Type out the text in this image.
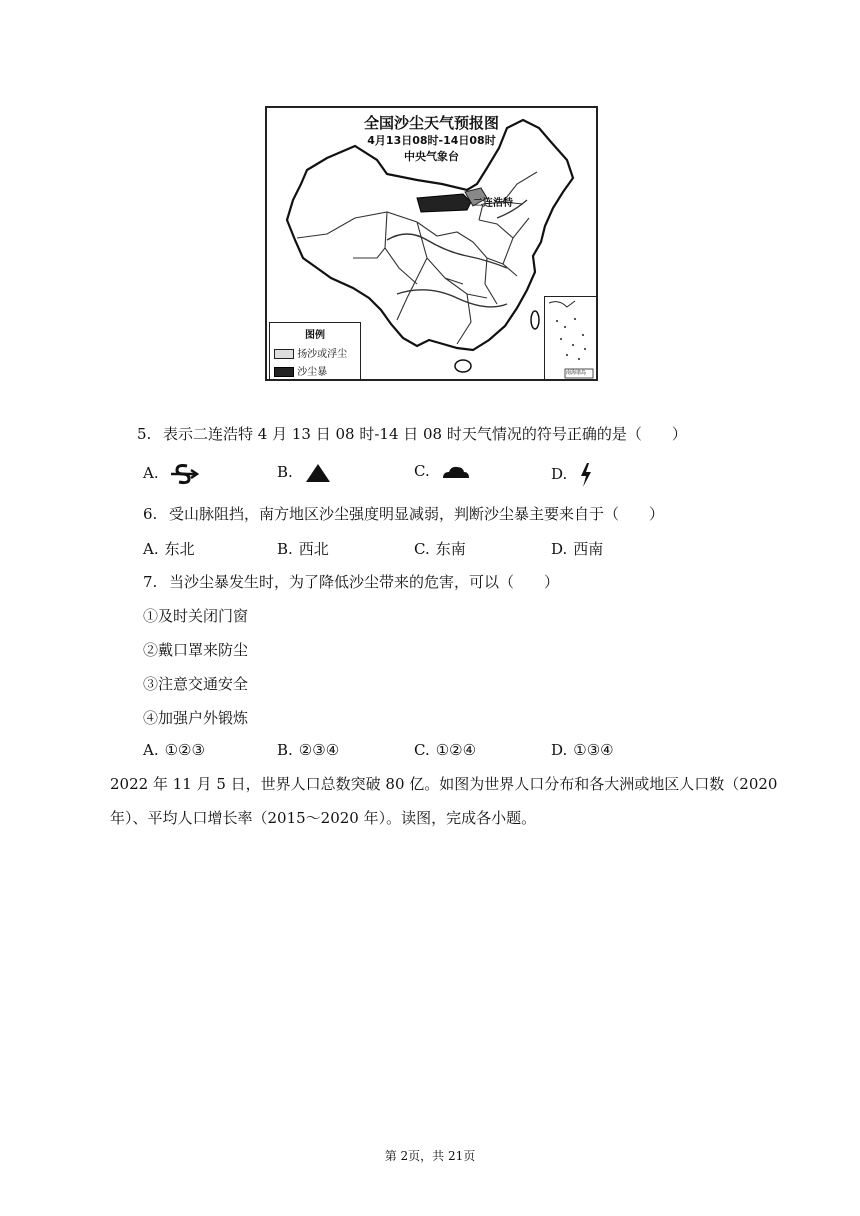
全国沙尘天气预报图
4月13日08时-14日08时
中央气象台
二连浩特
图例
扬沙或浮尘
沙尘暴	南海诸岛
5. 表示二连浩特 4 月 13 日 08 时-14 日 08 时天气情况的符号正确的是（　　）
A.	B.	C.	D.
6. 受山脉阻挡，南方地区沙尘强度明显减弱，判断沙尘暴主要来自于（　　）
A. 东北	B. 西北	C. 东南	D. 西南
7. 当沙尘暴发生时，为了降低沙尘带来的危害，可以（　　）
①及时关闭门窗
②戴口罩来防尘
③注意交通安全
④加强户外锻炼
A. ①②③	B. ②③④	C. ①②④	D. ①③④
2022 年 11 月 5 日，世界人口总数突破 80 亿。如图为世界人口分布和各大洲或地区人口数（2020
年）、平均人口增长率（2015～2020 年）。读图，完成各小题。
第 2页，共 21页
